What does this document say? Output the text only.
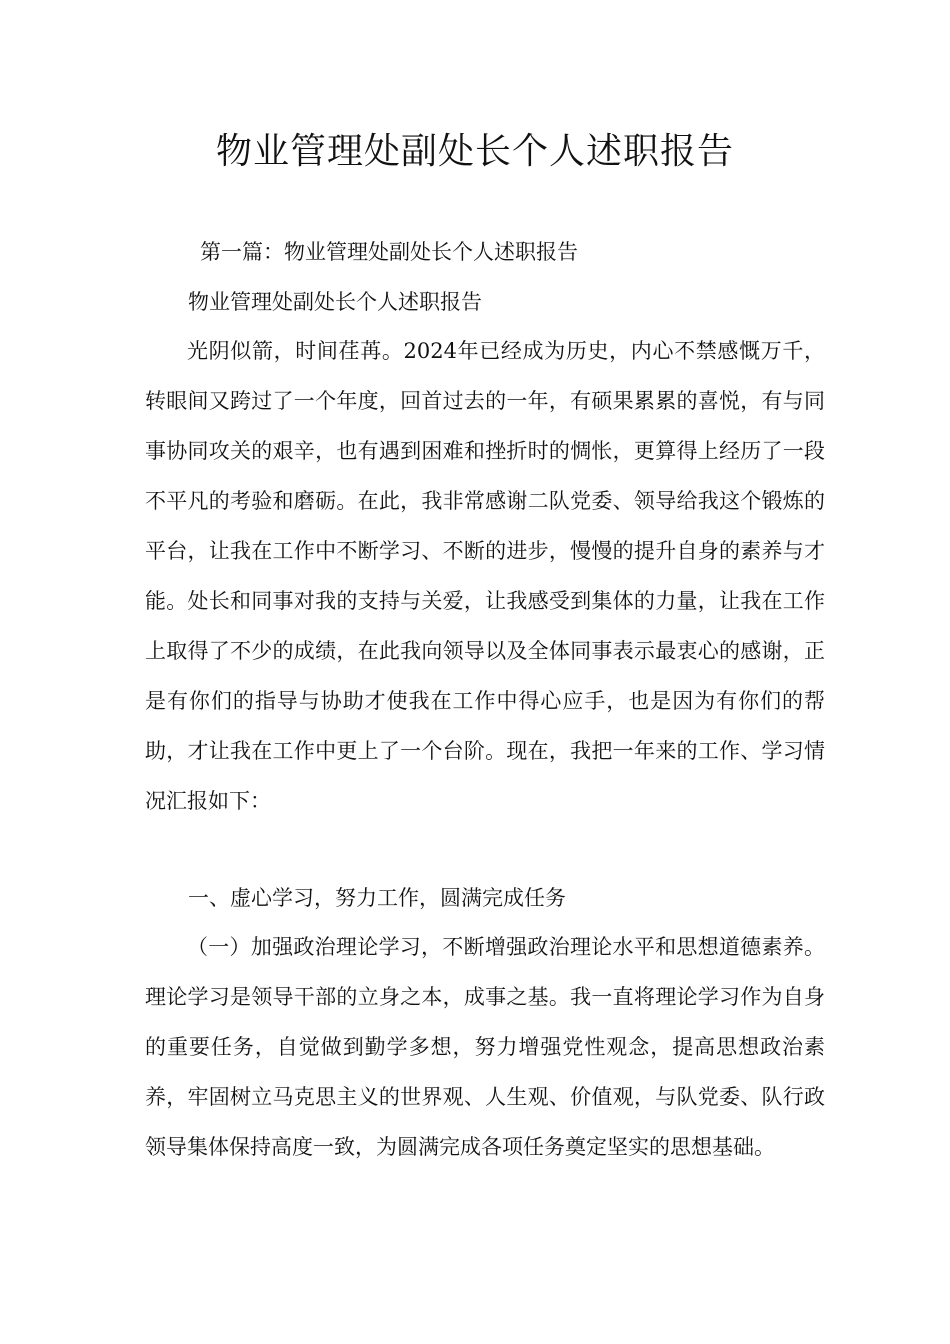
物业管理处副处长个人述职报告

第一篇：物业管理处副处长个人述职报告

物业管理处副处长个人述职报告

光阴似箭，时间荏苒。2024年已经成为历史，内心不禁感慨万千，转眼间又跨过了一个年度，回首过去的一年，有硕果累累的喜悦，有与同事协同攻关的艰辛，也有遇到困难和挫折时的惆怅，更算得上经历了一段不平凡的考验和磨砺。在此，我非常感谢二队党委、领导给我这个锻炼的平台，让我在工作中不断学习、不断的进步，慢慢的提升自身的素养与才能。处长和同事对我的支持与关爱，让我感受到集体的力量，让我在工作上取得了不少的成绩，在此我向领导以及全体同事表示最衷心的感谢，正是有你们的指导与协助才使我在工作中得心应手，也是因为有你们的帮助，才让我在工作中更上了一个台阶。现在，我把一年来的工作、学习情况汇报如下：

一、虚心学习，努力工作，圆满完成任务

（一）加强政治理论学习，不断增强政治理论水平和思想道德素养。理论学习是领导干部的立身之本，成事之基。我一直将理论学习作为自身的重要任务，自觉做到勤学多想，努力增强党性观念，提高思想政治素养，牢固树立马克思主义的世界观、人生观、价值观，与队党委、队行政领导集体保持高度一致，为圆满完成各项任务奠定坚实的思想基础。
